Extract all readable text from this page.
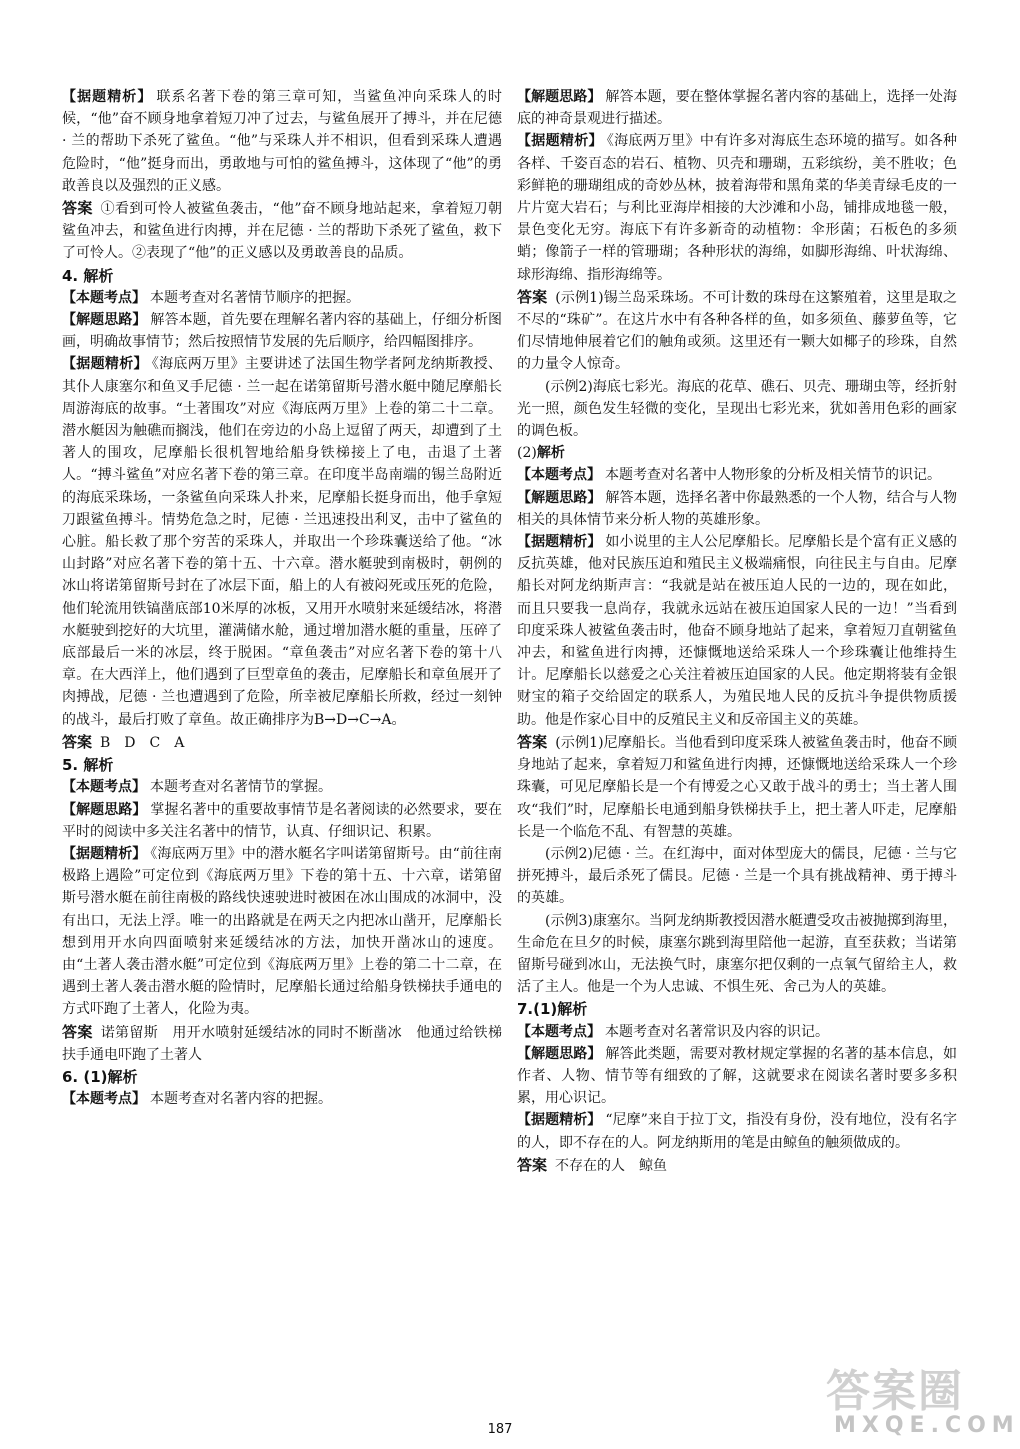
【据题精析】 联系名著下卷的第三章可知，当鲨鱼冲向采珠人的时候，“他”奋不顾身地拿着短刀冲了过去，与鲨鱼展开了搏斗，并在尼德 · 兰的帮助下杀死了鲨鱼。“他”与采珠人并不相识，但看到采珠人遭遇危险时，“他”挺身而出，勇敢地与可怕的鲨鱼搏斗，这体现了“他”的勇敢善良以及强烈的正义感。

答案 ①看到可怜人被鲨鱼袭击，“他”奋不顾身地站起来，拿着短刀朝鲨鱼冲去，和鲨鱼进行肉搏，并在尼德 · 兰的帮助下杀死了鲨鱼，救下了可怜人。②表现了“他”的正义感以及勇敢善良的品质。

4. 解析

【本题考点】 本题考查对名著情节顺序的把握。

【解题思路】 解答本题，首先要在理解名著内容的基础上，仔细分析图画，明确故事情节；然后按照情节发展的先后顺序，给四幅图排序。

【据题精析】 《海底两万里》主要讲述了法国生物学者阿龙纳斯教授、其仆人康塞尔和鱼叉手尼德 · 兰一起在诺第留斯号潜水艇中随尼摩船长周游海底的故事。“土著围攻”对应《海底两万里》上卷的第二十二章。潜水艇因为触礁而搁浅，他们在旁边的小岛上逗留了两天，却遭到了土著人的围攻，尼摩船长很机智地给船身铁梯接上了电，击退了土著人。“搏斗鲨鱼”对应名著下卷的第三章。在印度半岛南端的锡兰岛附近的海底采珠场，一条鲨鱼向采珠人扑来，尼摩船长挺身而出，他手拿短刀跟鲨鱼搏斗。情势危急之时，尼德 · 兰迅速投出利叉，击中了鲨鱼的心脏。船长救了那个穷苦的采珠人，并取出一个珍珠囊送给了他。“冰山封路”对应名著下卷的第十五、十六章。潜水艇驶到南极时，朝例的冰山将诺第留斯号封在了冰层下面，船上的人有被闷死或压死的危险，他们轮流用铁镐凿底部10米厚的冰板，又用开水喷射来延缓结冰，将潜水艇驶到挖好的大坑里，灌满储水舱，通过增加潜水艇的重量，压碎了底部最后一米的冰层，终于脱困。“章鱼袭击”对应名著下卷的第十八章。在大西洋上，他们遇到了巨型章鱼的袭击，尼摩船长和章鱼展开了肉搏战，尼德 · 兰也遭遇到了危险，所幸被尼摩船长所救，经过一刻钟的战斗，最后打败了章鱼。故正确排序为B→D→C→A。

答案 B　D　C　A

5. 解析

【本题考点】 本题考查对名著情节的掌握。

【解题思路】 掌握名著中的重要故事情节是名著阅读的必然要求，要在平时的阅读中多关注名著中的情节，认真、仔细识记、积累。

【据题精析】 《海底两万里》中的潜水艇名字叫诺第留斯号。由“前往南极路上遇险”可定位到《海底两万里》下卷的第十五、十六章，诺第留斯号潜水艇在前往南极的路线快速驶进时被困在冰山围成的冰洞中，没有出口，无法上浮。唯一的出路就是在两天之内把冰山凿开，尼摩船长想到用开水向四面喷射来延缓结冰的方法，加快开凿冰山的速度。由“土著人袭击潜水艇”可定位到《海底两万里》上卷的第二十二章，在遇到土著人袭击潜水艇的险情时，尼摩船长通过给船身铁梯扶手通电的方式吓跑了土著人，化险为夷。

答案 诺第留斯　用开水喷射延缓结冰的同时不断凿冰　他通过给铁梯扶手通电吓跑了土著人

6. (1)解析

【本题考点】 本题考查对名著内容的把握。

【解题思路】 解答本题，要在整体掌握名著内容的基础上，选择一处海底的神奇景观进行描述。

【据题精析】 《海底两万里》中有许多对海底生态环境的描写。如各种各样、千姿百态的岩石、植物、贝壳和珊瑚，五彩缤纷，美不胜收；色彩鲜艳的珊瑚组成的奇妙丛林，披着海带和黑角菜的华美青绿毛皮的一片片宽大岩石；与利比亚海岸相接的大沙滩和小岛，铺排成地毯一般，景色变化无穷。海底下有许多新奇的动植物：伞形菌；石板色的多须蛸；像箭子一样的管珊瑚；各种形状的海绵，如脚形海绵、叶状海绵、球形海绵、指形海绵等。

答案 (示例1)锡兰岛采珠场。不可计数的珠母在这繁殖着，这里是取之不尽的“珠矿”。在这片水中有各种各样的鱼，如多须鱼、藤萝鱼等，它们尽情地伸展着它们的触角或须。这里还有一颗大如椰子的珍珠，自然的力量令人惊奇。

(示例2)海底七彩光。海底的花草、礁石、贝壳、珊瑚虫等，经折射光一照，颜色发生轻微的变化，呈现出七彩光来，犹如善用色彩的画家的调色板。

(2)解析

【本题考点】 本题考查对名著中人物形象的分析及相关情节的识记。

【解题思路】 解答本题，选择名著中你最熟悉的一个人物，结合与人物相关的具体情节来分析人物的英雄形象。

【据题精析】 如小说里的主人公尼摩船长。尼摩船长是个富有正义感的反抗英雄，他对民族压迫和殖民主义极端痛恨，向往民主与自由。尼摩船长对阿龙纳斯声言：“我就是站在被压迫人民的一边的，现在如此，而且只要我一息尚存，我就永远站在被压迫国家人民的一边！”当看到印度采珠人被鲨鱼袭击时，他奋不顾身地站了起来，拿着短刀直朝鲨鱼冲去，和鲨鱼进行肉搏，还慷慨地送给采珠人一个珍珠囊让他维持生计。尼摩船长以慈爱之心关注着被压迫国家的人民。他定期将装有金银财宝的箱子交给固定的联系人，为殖民地人民的反抗斗争提供物质援助。他是作家心目中的反殖民主义和反帝国主义的英雄。

答案 (示例1)尼摩船长。当他看到印度采珠人被鲨鱼袭击时，他奋不顾身地站了起来，拿着短刀和鲨鱼进行肉搏，还慷慨地送给采珠人一个珍珠囊，可见尼摩船长是一个有博爱之心又敢于战斗的勇士；当土著人围攻“我们”时，尼摩船长电通到船身铁梯扶手上，把土著人吓走，尼摩船长是一个临危不乱、有智慧的英雄。

(示例2)尼德 · 兰。在红海中，面对体型庞大的儒艮，尼德 · 兰与它拼死搏斗，最后杀死了儒艮。尼德 · 兰是一个具有挑战精神、勇于搏斗的英雄。

(示例3)康塞尔。当阿龙纳斯教授因潜水艇遭受攻击被抛掷到海里，生命危在旦夕的时候，康塞尔跳到海里陪他一起游，直至获救；当诺第留斯号碰到冰山，无法换气时，康塞尔把仅剩的一点氧气留给主人，救活了主人。他是一个为人忠诚、不惧生死、舍己为人的英雄。

7.(1)解析

【本题考点】 本题考查对名著常识及内容的识记。

【解题思路】 解答此类题，需要对教材规定掌握的名著的基本信息，如作者、人物、情节等有细致的了解，这就要求在阅读名著时要多多积累，用心识记。

【据题精析】 “尼摩”来自于拉丁文，指没有身份，没有地位，没有名字的人，即不存在的人。阿龙纳斯用的笔是由鲸鱼的触须做成的。

答案 不存在的人　鲸鱼

187
答案圈
MXQE.COM
